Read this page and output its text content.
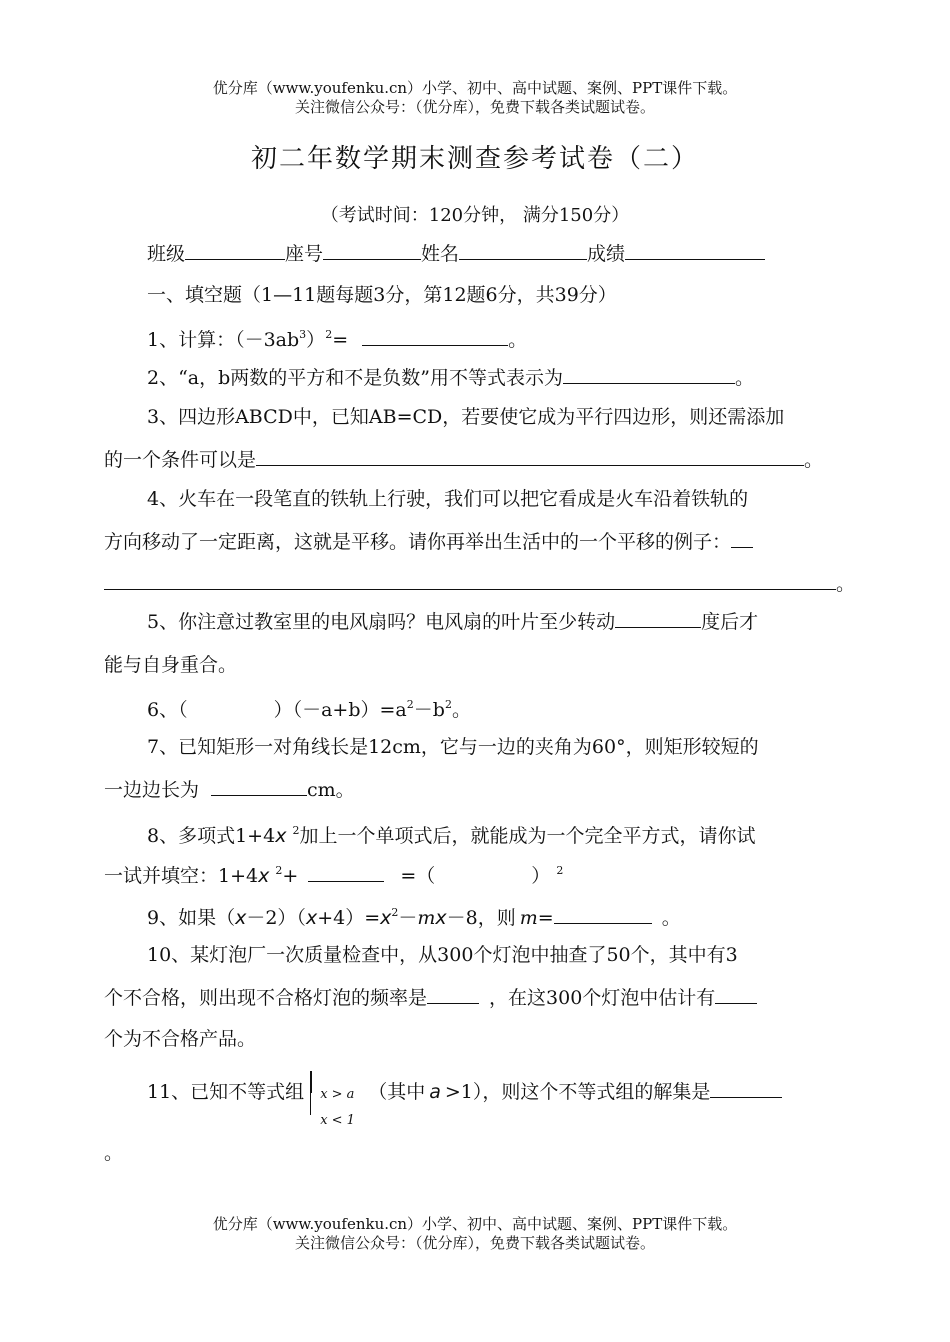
优分库（www.youfenku.cn）小学、初中、高中试题、案例、PPT课件下载。
关注微信公众号：（优分库），免费下载各类试题试卷。
初二年数学期末测查参考试卷（二）
（考试时间：120分钟， 满分150分）
班级	座号	姓名	成绩
一、填空题（1—11题每题3分，第12题6分，共39分）
1、计算：$(-3ab^3)^2=$	。
2、“a，b两数的平方和不是负数”用不等式表示为	。
3、四边形ABCD中，已知AB=CD，若要使它成为平行四边形，则还需添加
的一个条件可以是	。
4、火车在一段笔直的铁轨上行驶，我们可以把它看成是火车沿着铁轨的
方向移动了一定距离，这就是平移。请你再举出生活中的一个平移的例子：
。
5、你注意过教室里的电风扇吗？电风扇的叶片至少转动	度后才
能与自身重合。
6、（	）$(-a+b)=a^2-b^2$。
7、已知矩形一对角线长是12cm，它与一边的夹角为60°，则矩形较短的
一边边长为	cm。
8、多项式1+4x $^2$加上一个单项式后，就能成为一个完全平方式，请你试
一试并填空：1+4x $^2$+	=（	） $^2$
9、如果$(x-2)(x+4)=x^2-mx-8$，则 m=	。
10、某灯泡厂一次质量检查中，从300个灯泡中抽查了50个，其中有3
个不合格，则出现不合格灯泡的频率是	，在这300个灯泡中估计有
个为不合格产品。
11、已知不等式组 x > a
x < 1
（其中 a >1），则这个不等式组的解集是
。
优分库（www.youfenku.cn）小学、初中、高中试题、案例、PPT课件下载。
关注微信公众号：（优分库），免费下载各类试题试卷。
